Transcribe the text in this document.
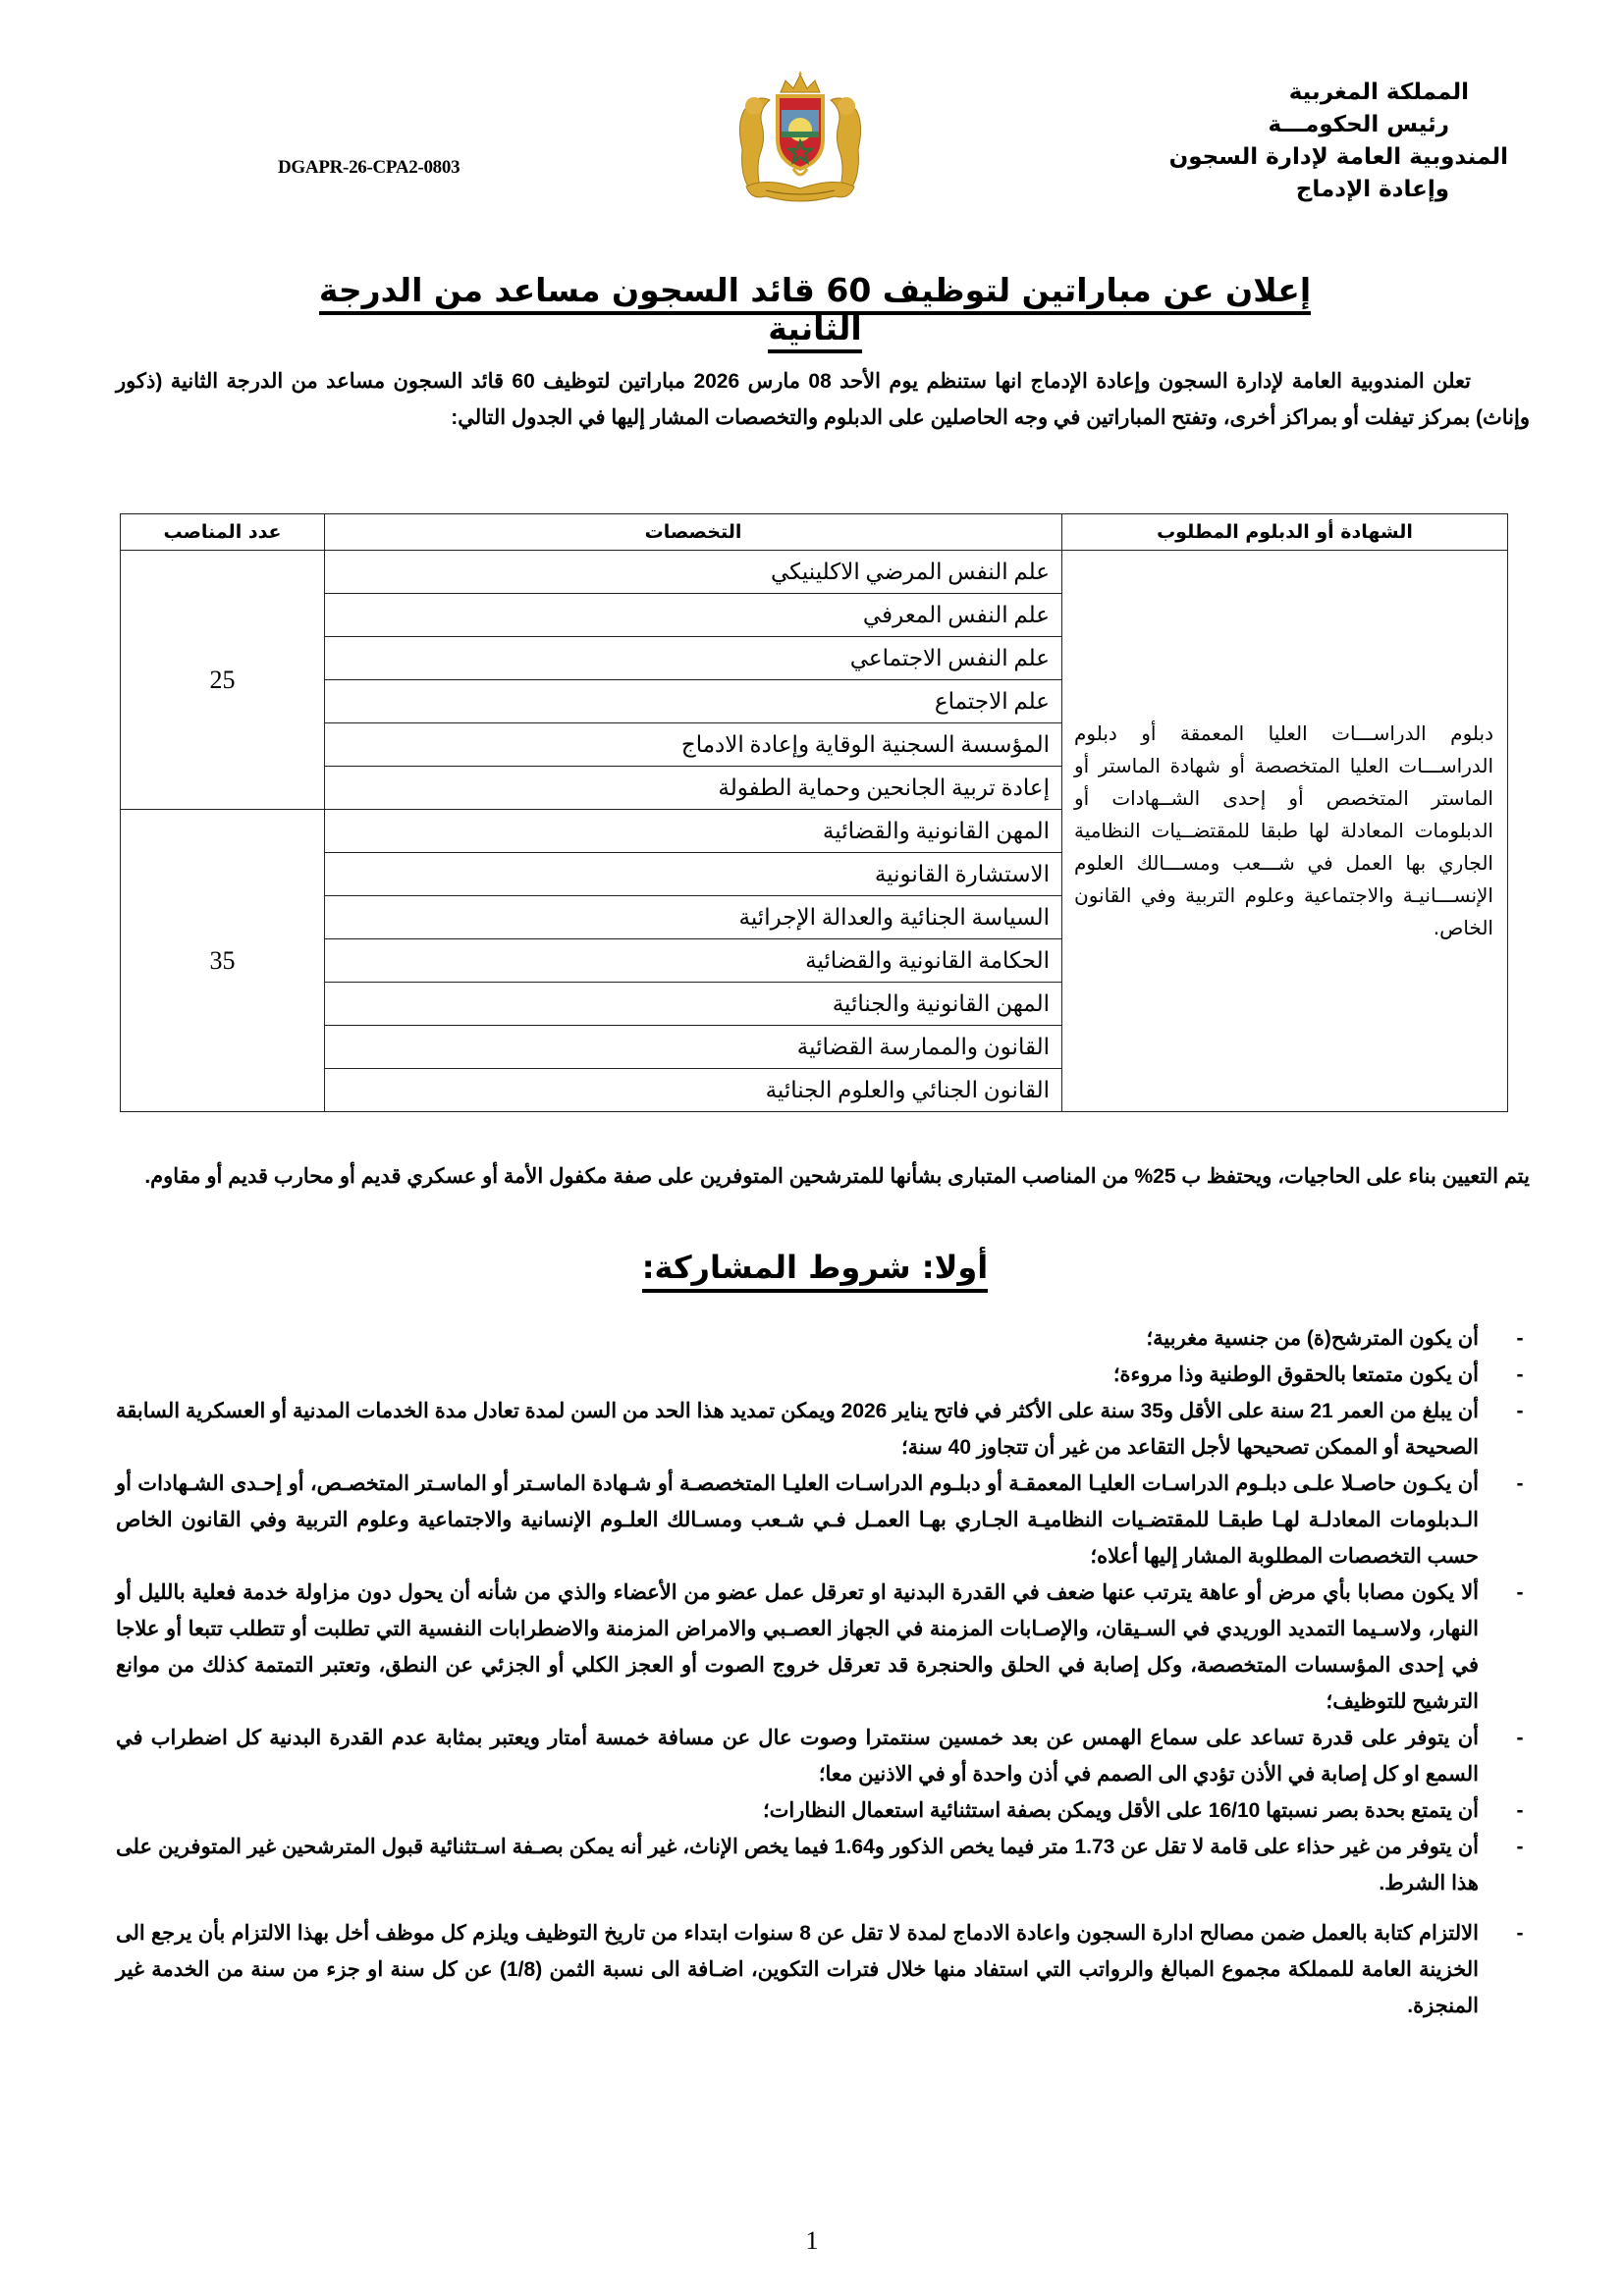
المملكة المغربية
رئيس الحكومـــة
المندوبية العامة لإدارة السجون
وإعادة الإدماج
DGAPR-26-CPA2-0803
إعلان عن مباراتين لتوظيف 60 قائد السجون مساعد من الدرجة الثانية
تعلن المندوبية العامة لإدارة السجون وإعادة الإدماج انها ستنظم يوم الأحد 08 مارس 2026 مباراتين لتوظيف 60 قائد السجون مساعد من الدرجة الثانية (ذكور وإناث) بمركز تيفلت أو بمراكز أخرى، وتفتح المباراتين في وجه الحاصلين على الدبلوم والتخصصات المشار إليها في الجدول التالي:
الشهادة أو الدبلوم المطلوب	التخصصات	عدد المناصب
دبلوم الدراســـات العليا المعمقة أو دبلوم الدراســـات العليا المتخصصة أو شهادة الماستر أو الماستر المتخصص أو إحدى الشــهادات أو الدبلومات المعادلة لها طبقا للمقتضــيات النظامية الجاري بها العمل في شـــعب ومســـالك العلوم الإنســـانيـة والاجتماعية وعلوم التربية وفي القانون الخاص.	علم النفس المرضي الاكلينيكي	25
	علم النفس المعرفي	
	علم النفس الاجتماعي	
	علم الاجتماع	
	المؤسسة السجنية الوقاية وإعادة الادماج	
	إعادة تربية الجانحين وحماية الطفولة	
	المهن القانونية والقضائية	35
	الاستشارة القانونية	
	السياسة الجنائية والعدالة الإجرائية	
	الحكامة القانونية والقضائية	
	المهن القانونية والجنائية	
	القانون والممارسة القضائية	
	القانون الجنائي والعلوم الجنائية	
يتم التعيين بناء على الحاجيات، ويحتفظ ب 25% من المناصب المتبارى بشأنها للمترشحين المتوفرين على صفة مكفول الأمة أو عسكري قديم أو محارب قديم أو مقاوم.
أولا: شروط المشاركة:
-
أن يكون المترشح(ة) من جنسية مغربية؛
-
أن يكون متمتعا بالحقوق الوطنية وذا مروءة؛
-
أن يبلغ من العمر 21 سنة على الأقل و35 سنة على الأكثر في فاتح يناير 2026 ويمكن تمديد هذا الحد من السن لمدة تعادل مدة الخدمات المدنية أو العسكرية السابقة الصحيحة أو الممكن تصحيحها لأجل التقاعد من غير أن تتجاوز 40 سنة؛
-
أن يكـون حاصـلا علـى دبلـوم الدراسـات العليـا المعمقـة أو دبلـوم الدراسـات العليـا المتخصصـة أو شـهادة الماسـتر أو الماسـتر المتخصـص، أو إحـدى الشـهادات أو الـدبلومات المعادلـة لهـا طبقـا للمقتضـيات النظاميـة الجـاري بهـا العمـل فـي شـعب ومسـالك العلـوم الإنسانية والاجتماعية وعلوم التربية وفي القانون الخاص حسب التخصصات المطلوبة المشار إليها أعلاه؛
-
ألا يكون مصابا بأي مرض أو عاهة يترتب عنها ضعف في القدرة البدنية او تعرقل عمل عضو من الأعضاء والذي من شأنه أن يحول دون مزاولة خدمة فعلية بالليل أو النهار، ولاسـيما التمديد الوريدي في السـيقان، والإصـابات المزمنة في الجهاز العصـبي والامراض المزمنة والاضطرابات النفسية التي تطلبت أو تتطلب تتبعا أو علاجا في إحدى المؤسسات المتخصصة، وكل إصابة في الحلق والحنجرة قد تعرقل خروج الصوت أو العجز الكلي أو الجزئي عن النطق، وتعتبر التمتمة كذلك من موانع الترشيح للتوظيف؛
-
أن يتوفر على قدرة تساعد على سماع الهمس عن بعد خمسين سنتمترا وصوت عال عن مسافة خمسة أمتار ويعتبر بمثابة عدم القدرة البدنية كل اضطراب في السمع او كل إصابة في الأذن تؤدي الى الصمم في أذن واحدة أو في الاذنين معا؛
-
أن يتمتع بحدة بصر نسبتها 16/10 على الأقل ويمكن بصفة استثنائية استعمال النظارات؛
-
أن يتوفر من غير حذاء على قامة لا تقل عن 1.73 متر فيما يخص الذكور و1.64 فيما يخص الإناث، غير أنه يمكن بصـفة اسـتثنائية قبول المترشحين غير المتوفرين على هذا الشرط.
-
الالتزام كتابة بالعمل ضمن مصالح ادارة السجون واعادة الادماج لمدة لا تقل عن 8 سنوات ابتداء من تاريخ التوظيف ويلزم كل موظف أخل بهذا الالتزام بأن يرجع الى الخزينة العامة للمملكة مجموع المبالغ والرواتب التي استفاد منها خلال فترات التكوين، اضـافة الى نسبة الثمن (1/8) عن كل سنة او جزء من سنة من الخدمة غير المنجزة.
1
